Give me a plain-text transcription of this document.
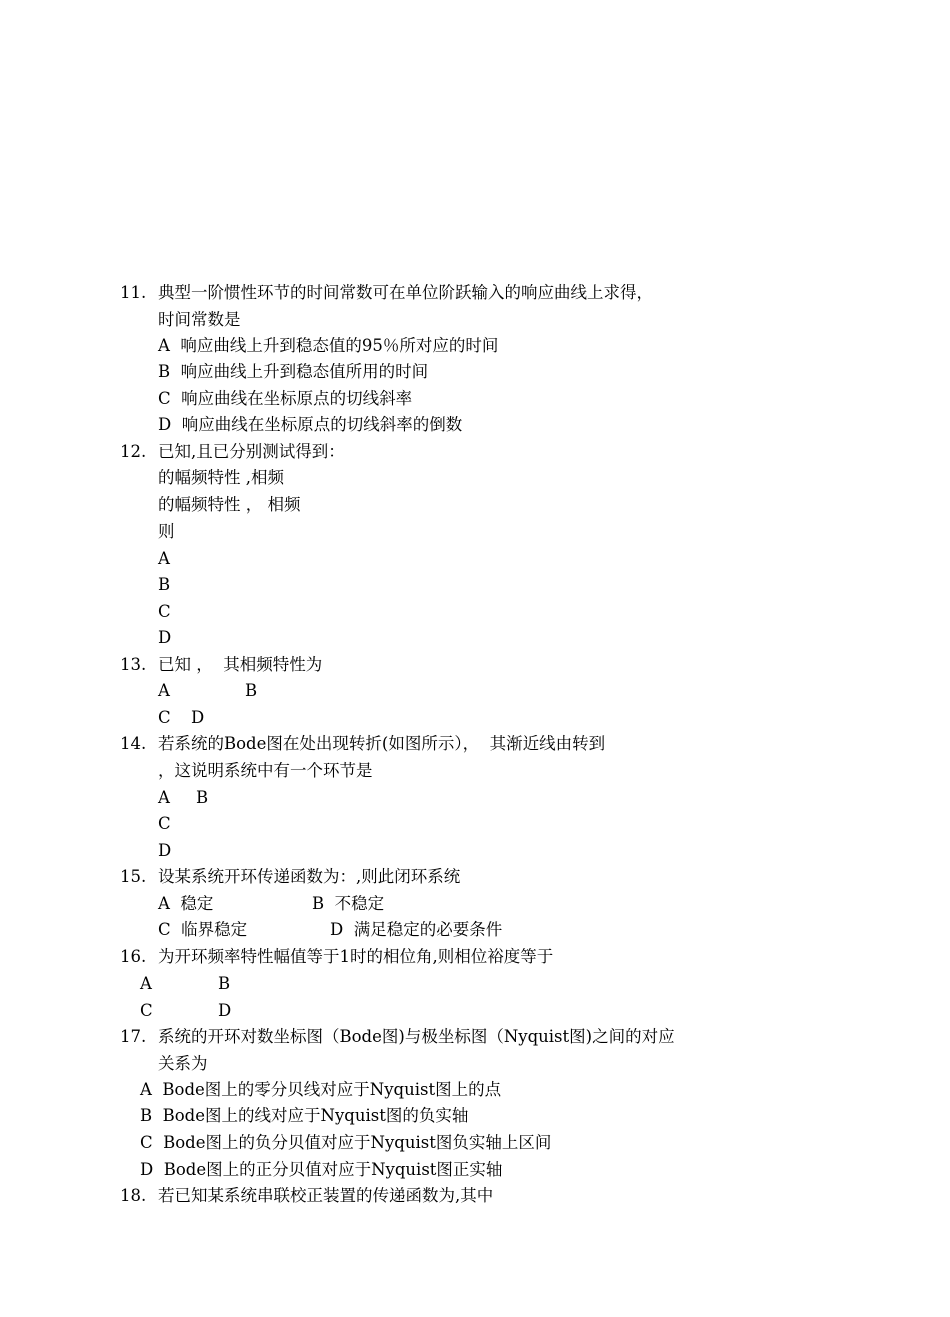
11. 典型一阶惯性环节的时间常数可在单位阶跃输入的响应曲线上求得，
时间常数是
A  响应曲线上升到稳态值的95％所对应的时间
B  响应曲线上升到稳态值所用的时间
C  响应曲线在坐标原点的切线斜率
D  响应曲线在坐标原点的切线斜率的倒数
12. 已知,且已分别测试得到：
的幅频特性 ,相频
的幅频特性 ， 相频
则
A
B
C
D
13. 已知 ，  其相频特性为
A	B
C D
14. 若系统的Bode图在处出现转折(如图所示），  其渐近线由转到
，这说明系统中有一个环节是
A B
C
D
15. 设某系统开环传递函数为：,则此闭环系统
A  稳定	B  不稳定
C  临界稳定	D  满足稳定的必要条件
16. 为开环频率特性幅值等于1时的相位角,则相位裕度等于
A	B
C	D
17. 系统的开环对数坐标图（Bode图)与极坐标图（Nyquist图)之间的对应
关系为
A  Bode图上的零分贝线对应于Nyquist图上的点
B  Bode图上的线对应于Nyquist图的负实轴
C  Bode图上的负分贝值对应于Nyquist图负实轴上区间
D  Bode图上的正分贝值对应于Nyquist图正实轴
18. 若已知某系统串联校正装置的传递函数为,其中
